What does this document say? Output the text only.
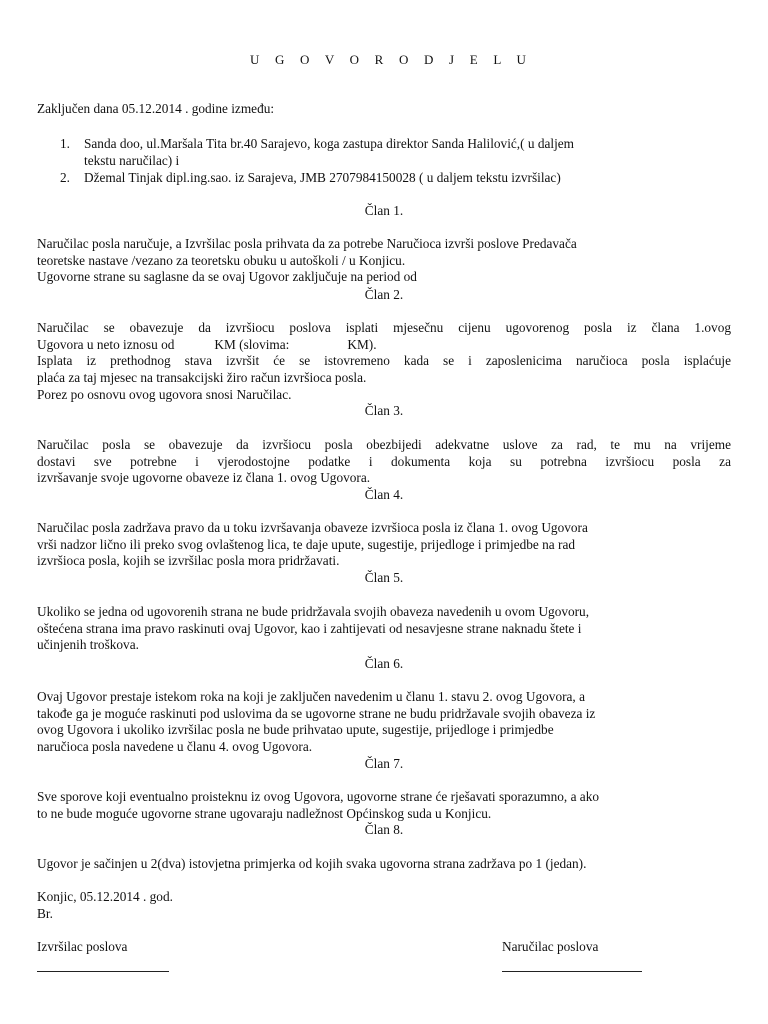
U G O V O R O D J E L U
Zaključen dana 05.12.2014 . godine između:
1. Sanda doo, ul.Maršala Tita br.40 Sarajevo, koga zastupa direktor Sanda Halilović,( u daljem
tekstu naručilac) i
2. Džemal Tinjak dipl.ing.sao. iz Sarajeva, JMB 2707984150028 ( u daljem tekstu izvršilac)
Član 1.
Naručilac posla naručuje, a Izvršilac posla prihvata da za potrebe Naručioca izvrši poslove Predavača
teoretske nastave /vezano za teoretsku obuku u autoškoli / u Konjicu.
Ugovorne strane su saglasne da se ovaj Ugovor zaključuje na period od
Član 2.
Naručilac se obavezuje da izvršiocu poslova isplati mjesečnu cijenu ugovorenog posla iz člana 1.ovog
Ugovora u neto iznosu od	KM (slovima:	KM).
Isplata iz prethodnog stava izvršit će se istovremeno kada se i zaposlenicima naručioca posla isplaćuje
plaća za taj mjesec na transakcijski žiro račun izvršioca posla.
Porez po osnovu ovog ugovora snosi Naručilac.
Član 3.
Naručilac posla se obavezuje da izvršiocu posla obezbijedi adekvatne uslove za rad, te mu na vrijeme
dostavi sve potrebne i vjerodostojne podatke i dokumenta koja su potrebna izvršiocu posla za
izvršavanje svoje ugovorne obaveze iz člana 1. ovog Ugovora.
Član 4.
Naručilac posla zadržava pravo da u toku izvršavanja obaveze izvršioca posla iz člana 1. ovog Ugovora
vrši nadzor lično ili preko svog ovlaštenog lica, te daje upute, sugestije, prijedloge i primjedbe na rad
izvršioca posla, kojih se izvršilac posla mora pridržavati.
Član 5.
Ukoliko se jedna od ugovorenih strana ne bude pridržavala svojih obaveza navedenih u ovom Ugovoru,
oštećena strana ima pravo raskinuti ovaj Ugovor, kao i zahtijevati od nesavjesne strane naknadu štete i
učinjenih troškova.
Član 6.
Ovaj Ugovor prestaje istekom roka na koji je zaključen navedenim u članu 1. stavu 2. ovog Ugovora, a
takođe ga je moguće raskinuti pod uslovima da se ugovorne strane ne budu pridržavale svojih obaveza iz
ovog Ugovora i ukoliko izvršilac posla ne bude prihvatao upute, sugestije, prijedloge i primjedbe
naručioca posla navedene u članu 4. ovog Ugovora.
Član 7.
Sve sporove koji eventualno proisteknu iz ovog Ugovora, ugovorne strane će rješavati sporazumno, a ako
to ne bude moguće ugovorne strane ugovaraju nadležnost Općinskog suda u Konjicu.
Član 8.
Ugovor je sačinjen u 2(dva) istovjetna primjerka od kojih svaka ugovorna strana zadržava po 1 (jedan).
Konjic, 05.12.2014 . god.
Br.
Izvršilac poslova	Naručilac poslova
